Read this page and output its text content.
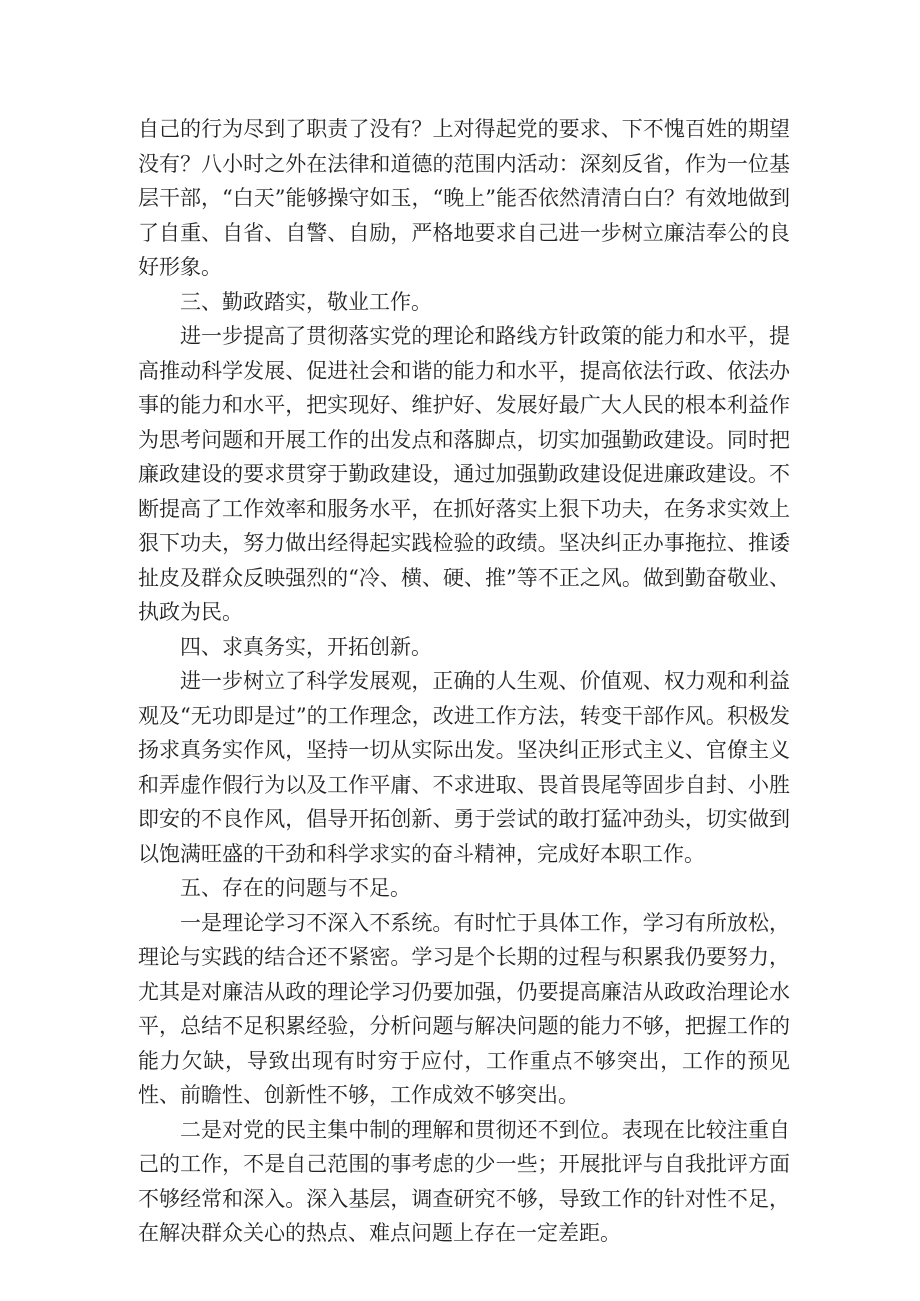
自己的行为尽到了职责了没有？上对得起党的要求、下不愧百姓的期望没有？八小时之外在法律和道德的范围内活动：深刻反省，作为一位基层干部，“白天”能够操守如玉，“晚上”能否依然清清白白？有效地做到了自重、自省、自警、自励，严格地要求自己进一步树立廉洁奉公的良好形象。

三、勤政踏实，敬业工作。

进一步提高了贯彻落实党的理论和路线方针政策的能力和水平，提高推动科学发展、促进社会和谐的能力和水平，提高依法行政、依法办事的能力和水平，把实现好、维护好、发展好最广大人民的根本利益作为思考问题和开展工作的出发点和落脚点，切实加强勤政建设。同时把廉政建设的要求贯穿于勤政建设，通过加强勤政建设促进廉政建设。不断提高了工作效率和服务水平，在抓好落实上狠下功夫，在务求实效上狠下功夫，努力做出经得起实践检验的政绩。坚决纠正办事拖拉、推诿扯皮及群众反映强烈的“冷、横、硬、推”等不正之风。做到勤奋敬业、执政为民。

四、求真务实，开拓创新。

进一步树立了科学发展观，正确的人生观、价值观、权力观和利益观及“无功即是过”的工作理念，改进工作方法，转变干部作风。积极发扬求真务实作风，坚持一切从实际出发。坚决纠正形式主义、官僚主义和弄虚作假行为以及工作平庸、不求进取、畏首畏尾等固步自封、小胜即安的不良作风，倡导开拓创新、勇于尝试的敢打猛冲劲头，切实做到以饱满旺盛的干劲和科学求实的奋斗精神，完成好本职工作。

五、存在的问题与不足。

一是理论学习不深入不系统。有时忙于具体工作，学习有所放松，理论与实践的结合还不紧密。学习是个长期的过程与积累我仍要努力，尤其是对廉洁从政的理论学习仍要加强，仍要提高廉洁从政政治理论水平，总结不足积累经验，分析问题与解决问题的能力不够，把握工作的能力欠缺，导致出现有时穷于应付，工作重点不够突出，工作的预见性、前瞻性、创新性不够，工作成效不够突出。

二是对党的民主集中制的理解和贯彻还不到位。表现在比较注重自己的工作，不是自己范围的事考虑的少一些；开展批评与自我批评方面不够经常和深入。深入基层，调查研究不够，导致工作的针对性不足，在解决群众关心的热点、难点问题上存在一定差距。
